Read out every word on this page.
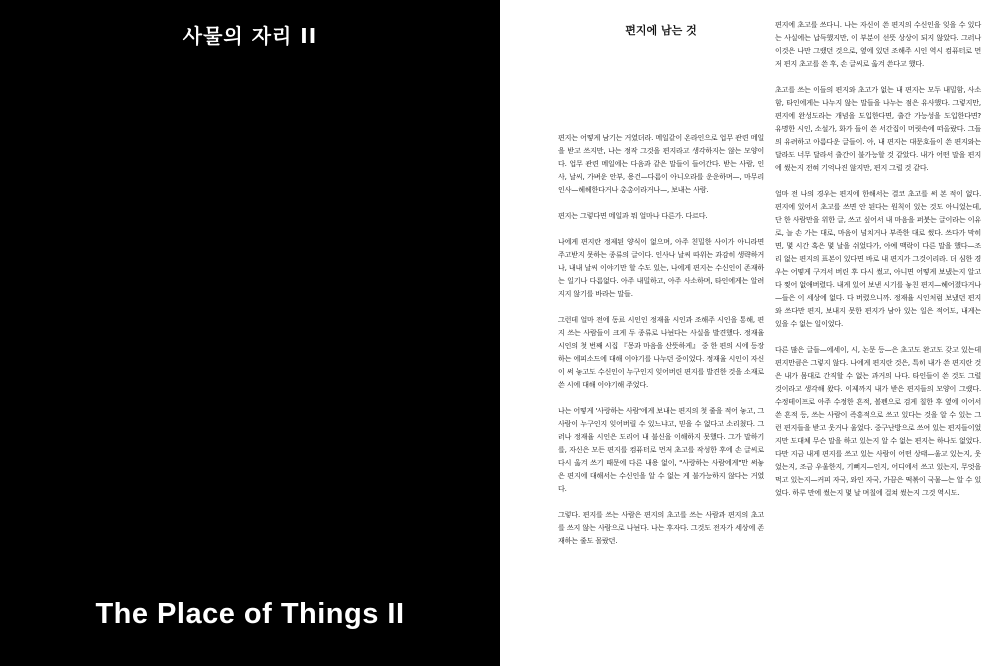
사물의 자리 II
The Place of Things II
편지에 남는 것

편지는 어떻게 남기는 거였더라. 메일같이 온라인으로 업무 관련 메일을 받고 쓰지만, 나는 정작 그것을 편지라고 생각하지는 않는 모양이다. 업무 관련 메일에는 다음과 같은 말들이 들어간다. 받는 사람, 인사, 날씨, 가벼운 안부, 용건—다름이 아니오라를 운운하며—, 마무리 인사—헤헤한다거나 총총이라거나—, 보내는 사람.

편지는 그렇다면 메일과 뭐 얼마나 다른가. 다르다.

나에게 편지란 정제된 양식이 없으며, 아주 친밀한 사이가 아니라면 주고받지 못하는 종류의 글이다. 인사나 날씨 따위는 과감히 생략하거나, 내내 날씨 이야기만 할 수도 있는, 나에게 편지는 수신인이 존재하는 일기나 다름없다. 아주 내밀하고, 아주 사소하며, 타인에게는 알려지지 않기를 바라는 말들.

그런데 얼마 전에 동료 시인인 정재율 시인과 조해주 시인을 통해, 편지 쓰는 사람들이 크게 두 종류로 나뉜다는 사실을 발견했다. 정재율 시인의 첫 번째 시집 『몽과 마음을 산뜻하게』 중 한 편의 시에 등장하는 에피소드에 대해 이야기를 나누던 중이었다. 정재율 시인이 자신이 써 놓고도 수신인이 누구인지 잊어버린 편지를 발견한 것을 소재로 쓴 시에 대해 이야기해 주었다.

나는 어떻게 '사랑하는 사람'에게 보내는 편지의 첫 줄을 적어 놓고, 그 사람이 누구인지 잊어버릴 수 있느냐고, 믿을 수 없다고 소리쳤다. 그러나 정재율 시인은 도리어 내 불신을 이해하지 못했다. 그가 말하기를, 자신은 모든 편지를 컴퓨터로 먼저 초고를 작성한 후에 손 글씨로 다시 옮겨 쓰기 때문에 다른 내용 없이, "사랑하는 사람에게"만 써놓은 편지에 대해서는 수신인을 알 수 없는 게 불가능하지 않다는 거였다.

그렇다. 편지를 쓰는 사람은 편지의 초고를 쓰는 사람과 편지의 초고를 쓰지 않는 사람으로 나뉜다. 나는 후자다. 그것도 전자가 세상에 존재하는 줄도 몰랐던.

편지에 초고를 쓰다니. 나는 자신이 쓴 편지의 수신인을 잊을 수 있다는 사실에는 납득했지만, 이 부분이 선뜻 상상이 되지 않았다. 그러나 이것은 나만 그랬던 것으로, 옆에 있던 조해주 시인 역시 컴퓨터로 먼저 편지 초고를 쓴 후, 손 글씨로 옮겨 쓴다고 했다.

초고를 쓰는 이들의 편지와 초고가 없는 내 편지는 모두 내밀함, 사소함, 타인에게는 나누지 않는 말들을 나누는 점은 유사했다. 그렇지만, 편지에 완성도라는 개념을 도입한다면, 출간 가능성을 도입한다면? 유명한 시인, 소설가, 화가 들이 쓴 서간집이 머릿속에 떠올랐다. 그들의 유려하고 아름다운 글들이. 아, 내 편지는 대문호들이 쓴 편지와는 달라도 너무 달라서 출간이 불가능할 것 같았다. 내가 어떤 말을 편지에 썼는지 전혀 기억나진 않지만, 편지 그럴 것 같다.

얼마 전 나의 경우는 편지에 한해서는 결코 초고를 써 본 적이 없다. 편지에 있어서 초고를 쓰면 안 된다는 원칙이 있는 것도 아니었는데, 단 한 사람만을 위한 글, 쓰고 싶어서 내 마음을 퍼붓는 글이라는 이유로, 늘 손 가는 대로, 마음이 넘치거나 부족한 대로 썼다. 쓰다가 막히면, 몇 시간 혹은 몇 날을 쉬었다가, 아예 맥락이 다른 말을 했다—조리 없는 편지의 표본이 있다면 바로 내 편지가 그것이리라. 더 심한 경우는 어떻게 구겨서 버린 후 다시 썼고, 아니면 어떻게 보냈는지 알고 다 찢어 없애버렸다. 내게 있어 보낸 시기를 놓친 편지—헤어졌다거나—들은 이 세상에 없다. 다 버렸으니까. 정재율 시인처럼 보냈던 편지와 쓰다만 편지, 보내지 못한 편지가 남아 있는 일은 적어도, 내게는 있을 수 없는 일이었다.

다른 많은 글들—에세이, 시, 논문 등—은 초고도 완고도 갖고 있는데 편지만큼은 그렇지 않다. 나에게 편지란 것은, 특히 내가 쓴 편지란 것은 내가 몸대로 간직할 수 없는 과거의 나다. 타인들이 쓴 것도 그럴 것이라고 생각해 왔다. 이제까지 내가 받은 편지들의 모양이 그랬다. 수정테이프로 아주 수정한 흔적, 볼펜으로 검게 칠한 후 옆에 이어서 쓴 흔적 등, 쓰는 사람이 즉흥적으로 쓰고 있다는 것을 알 수 있는 그런 편지들을 받고 웃거나 울었다. 중구난방으로 쓰여 있는 편지들이었지만 도대체 무슨 말을 하고 있는지 알 수 없는 편지는 하나도 없었다. 다만 지금 내게 편지를 쓰고 있는 사람이 어떤 상태—울고 있는지, 웃었는지, 조금 우울한지, 기뻐지—인지, 어디에서 쓰고 있는지, 무엇을 먹고 있는지—커피 자국, 와인 자국, 가끔은 떡볶이 국물—는 알 수 있었다. 하루 만에 썼는지 몇 날 며칠에 걸쳐 썼는지 그것 역시도.
